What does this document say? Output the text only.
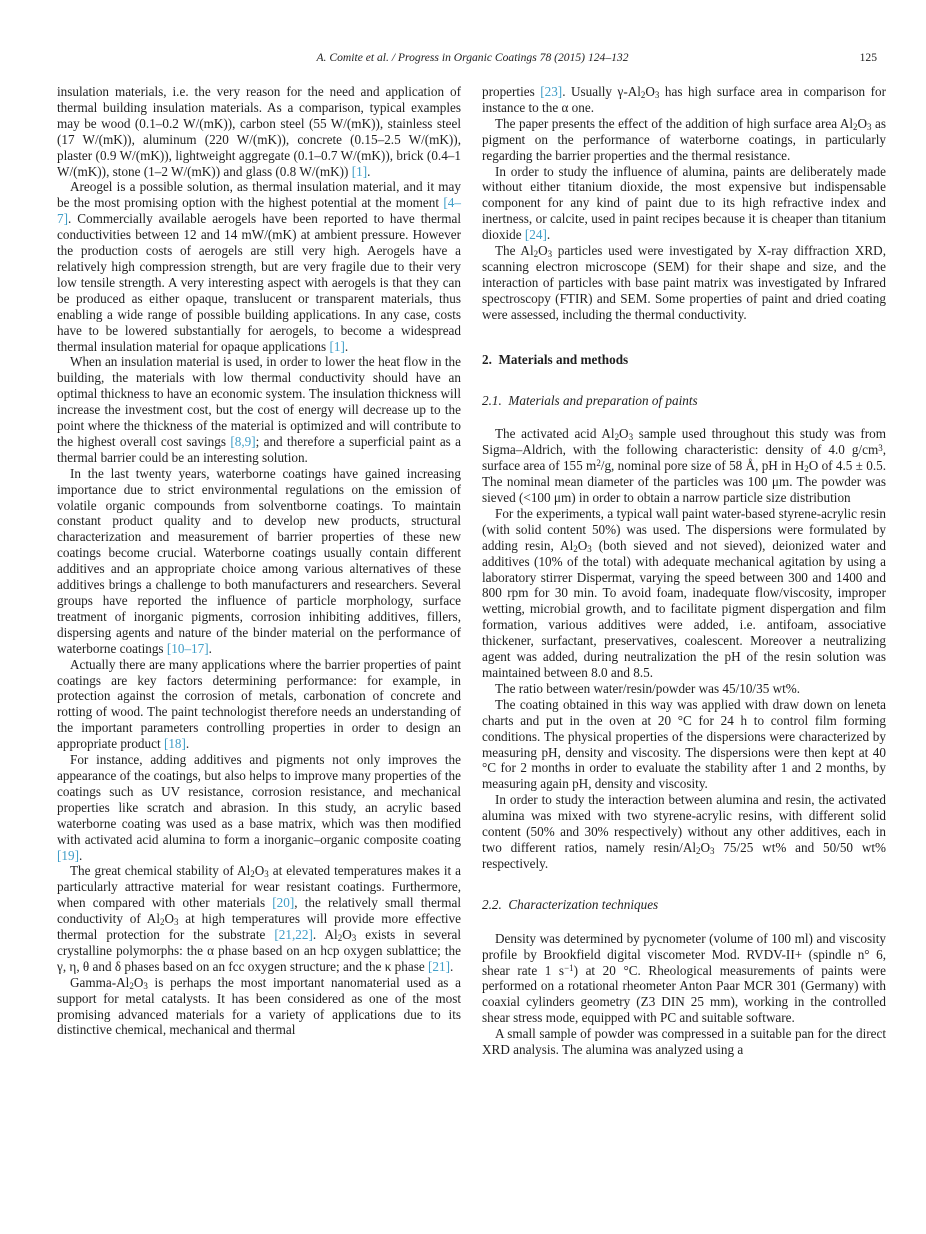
A. Comite et al. / Progress in Organic Coatings 78 (2015) 124–132	125

insulation materials, i.e. the very reason for the need and application of thermal building insulation materials. As a comparison, typical examples may be wood (0.1–0.2 W/(mK)), carbon steel (55 W/(mK)), stainless steel (17 W/(mK)), aluminum (220 W/(mK)), concrete (0.15–2.5 W/(mK)), plaster (0.9 W/(mK)), lightweight aggregate (0.1–0.7 W/(mK)), brick (0.4–1 W/(mK)), stone (1–2 W/(mK)) and glass (0.8 W/(mK)) [1].

Areogel is a possible solution, as thermal insulation material, and it may be the most promising option with the highest potential at the moment [4–7]. Commercially available aerogels have been reported to have thermal conductivities between 12 and 14 mW/(mK) at ambient pressure. However the production costs of aerogels are still very high. Aerogels have a relatively high compression strength, but are very fragile due to their very low tensile strength. A very interesting aspect with aerogels is that they can be produced as either opaque, translucent or transparent materials, thus enabling a wide range of possible building applications. In any case, costs have to be lowered substantially for aerogels, to become a widespread thermal insulation material for opaque applications [1].

When an insulation material is used, in order to lower the heat flow in the building, the materials with low thermal conductivity should have an optimal thickness to have an economic system. The insulation thickness will increase the investment cost, but the cost of energy will decrease up to the point where the thickness of the material is optimized and will contribute to the highest overall cost savings [8,9]; and therefore a superficial paint as a thermal barrier could be an interesting solution.

In the last twenty years, waterborne coatings have gained increasing importance due to strict environmental regulations on the emission of volatile organic compounds from solventborne coatings. To maintain constant product quality and to develop new products, structural characterization and measurement of barrier properties of these new coatings become crucial. Waterborne coatings usually contain different additives and an appropriate choice among various alternatives of these additives brings a challenge to both manufacturers and researchers. Several groups have reported the influence of particle morphology, surface treatment of inorganic pigments, corrosion inhibiting additives, fillers, dispersing agents and nature of the binder material on the performance of waterborne coatings [10–17].

Actually there are many applications where the barrier properties of paint coatings are key factors determining performance: for example, in protection against the corrosion of metals, carbonation of concrete and rotting of wood. The paint technologist therefore needs an understanding of the important parameters controlling properties in order to design an appropriate product [18].

For instance, adding additives and pigments not only improves the appearance of the coatings, but also helps to improve many properties of the coatings such as UV resistance, corrosion resistance, and mechanical properties like scratch and abrasion. In this study, an acrylic based waterborne coating was used as a base matrix, which was then modified with activated acid alumina to form a inorganic–organic composite coating [19].

The great chemical stability of $Al_2O_3$ at elevated temperatures makes it a particularly attractive material for wear resistant coatings. Furthermore, when compared with other materials [20], the relatively small thermal conductivity of $Al_2O_3$ at high temperatures will provide more effective thermal protection for the substrate [21,22]. $Al_2O_3$ exists in several crystalline polymorphs: the α phase based on an hcp oxygen sublattice; the γ, η, θ and δ phases based on an fcc oxygen structure; and the κ phase [21].

Gamma-$Al_2O_3$ is perhaps the most important nanomaterial used as a support for metal catalysts. It has been considered as one of the most promising advanced materials for a variety of applications due to its distinctive chemical, mechanical and thermal

properties [23]. Usually $\gamma-Al_2O_3$ has high surface area in comparison for instance to the α one.

The paper presents the effect of the addition of high surface area $Al_2O_3$ as pigment on the performance of waterborne coatings, in particularly regarding the barrier properties and the thermal resistance.

In order to study the influence of alumina, paints are deliberately made without either titanium dioxide, the most expensive but indispensable component for any kind of paint due to its high refractive index and inertness, or calcite, used in paint recipes because it is cheaper than titanium dioxide [24].

The $Al_2O_3$ particles used were investigated by X-ray diffraction XRD, scanning electron microscope (SEM) for their shape and size, and the interaction of particles with base paint matrix was investigated by Infrared spectroscopy (FTIR) and SEM. Some properties of paint and dried coating were assessed, including the thermal conductivity.

2. Materials and methods
2.1. Materials and preparation of paints

The activated acid $Al_2O_3$ sample used throughout this study was from Sigma–Aldrich, with the following characteristic: density of 4.0 $g/cm^3$, surface area of 155 $m^2/g$, nominal pore size of 58 Å, pH in $H_2O$ of 4.5 ± 0.5. The nominal mean diameter of the particles was 100 μm. The powder was sieved (<100 μm) in order to obtain a narrow particle size distribution

For the experiments, a typical wall paint water-based styrene-acrylic resin (with solid content 50%) was used. The dispersions were formulated by adding resin, $Al_2O_3$ (both sieved and not sieved), deionized water and additives (10% of the total) with adequate mechanical agitation by using a laboratory stirrer Dispermat, varying the speed between 300 and 1400 and 800 rpm for 30 min. To avoid foam, inadequate flow/viscosity, improper wetting, microbial growth, and to facilitate pigment dispergation and film formation, various additives were added, i.e. antifoam, associative thickener, surfactant, preservatives, coalescent. Moreover a neutralizing agent was added, during neutralization the pH of the resin solution was maintained between 8.0 and 8.5.

The ratio between water/resin/powder was 45/10/35 wt%.

The coating obtained in this way was applied with draw down on leneta charts and put in the oven at 20 °C for 24 h to control film forming conditions. The physical properties of the dispersions were characterized by measuring pH, density and viscosity. The dispersions were then kept at 40 °C for 2 months in order to evaluate the stability after 1 and 2 months, by measuring again pH, density and viscosity.

In order to study the interaction between alumina and resin, the activated alumina was mixed with two styrene-acrylic resins, with different solid content (50% and 30% respectively) without any other additives, each in two different ratios, namely resin/$Al_2O_3$ 75/25 wt% and 50/50 wt% respectively.

2.2. Characterization techniques

Density was determined by pycnometer (volume of 100 ml) and viscosity profile by Brookfield digital viscometer Mod. RVDV-II+ (spindle n° 6, shear rate 1 $s^{-1}$) at 20 °C. Rheological measurements of paints were performed on a rotational rheometer Anton Paar MCR 301 (Germany) with coaxial cylinders geometry (Z3 DIN 25 mm), working in the controlled shear stress mode, equipped with PC and suitable software.

A small sample of powder was compressed in a suitable pan for the direct XRD analysis. The alumina was analyzed using a
